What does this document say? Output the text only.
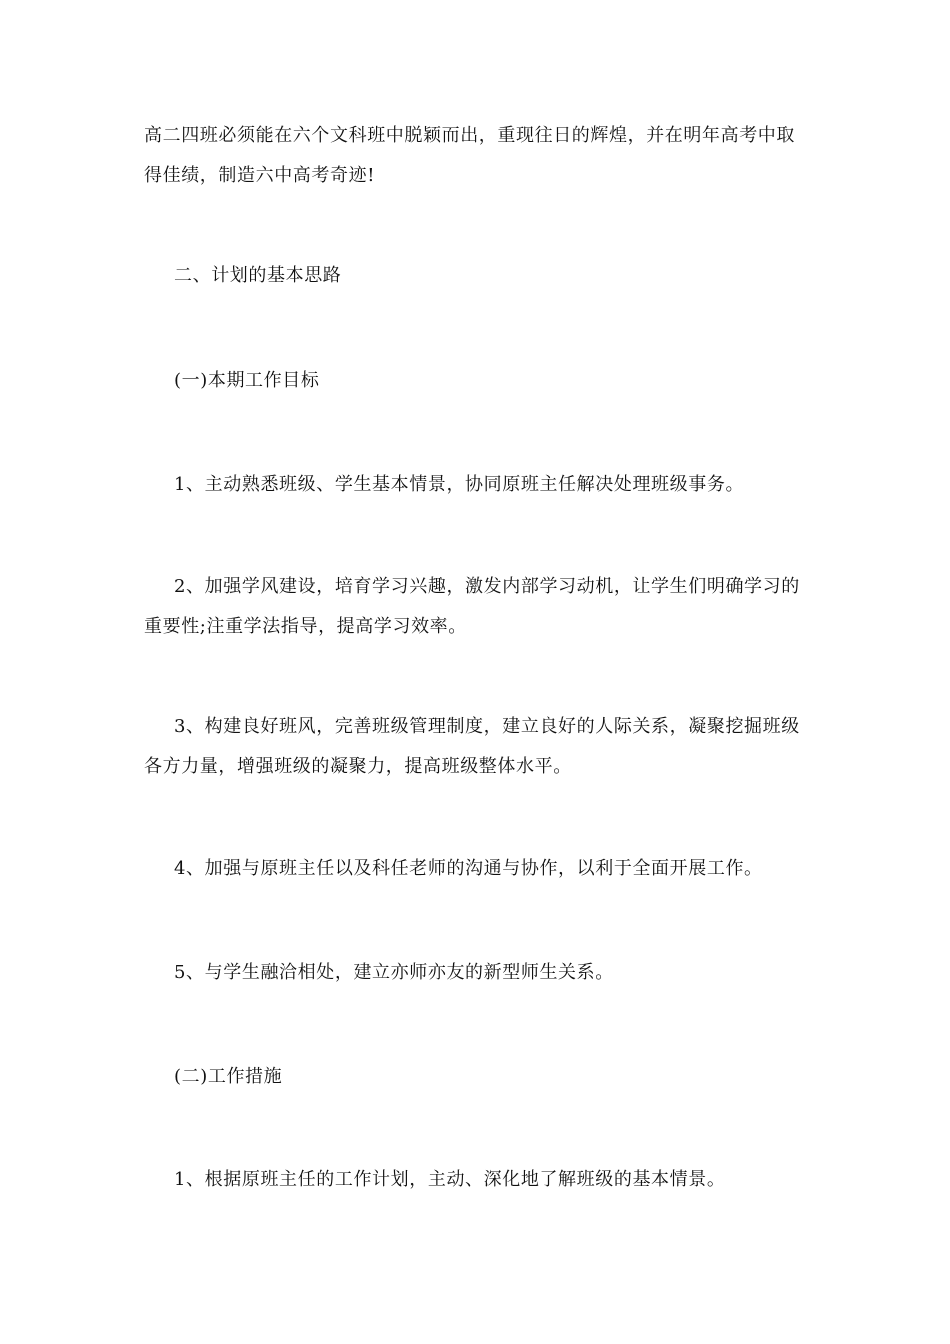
高二四班必须能在六个文科班中脱颖而出，重现往日的辉煌，并在明年高考中取得佳绩，制造六中高考奇迹!

二、计划的基本思路

(一)本期工作目标

1、主动熟悉班级、学生基本情景，协同原班主任解决处理班级事务。

2、加强学风建设，培育学习兴趣，激发内部学习动机，让学生们明确学习的重要性;注重学法指导，提高学习效率。

3、构建良好班风，完善班级管理制度，建立良好的人际关系，凝聚挖掘班级各方力量，增强班级的凝聚力，提高班级整体水平。

4、加强与原班主任以及科任老师的沟通与协作，以利于全面开展工作。

5、与学生融洽相处，建立亦师亦友的新型师生关系。

(二)工作措施

1、根据原班主任的工作计划，主动、深化地了解班级的基本情景。
